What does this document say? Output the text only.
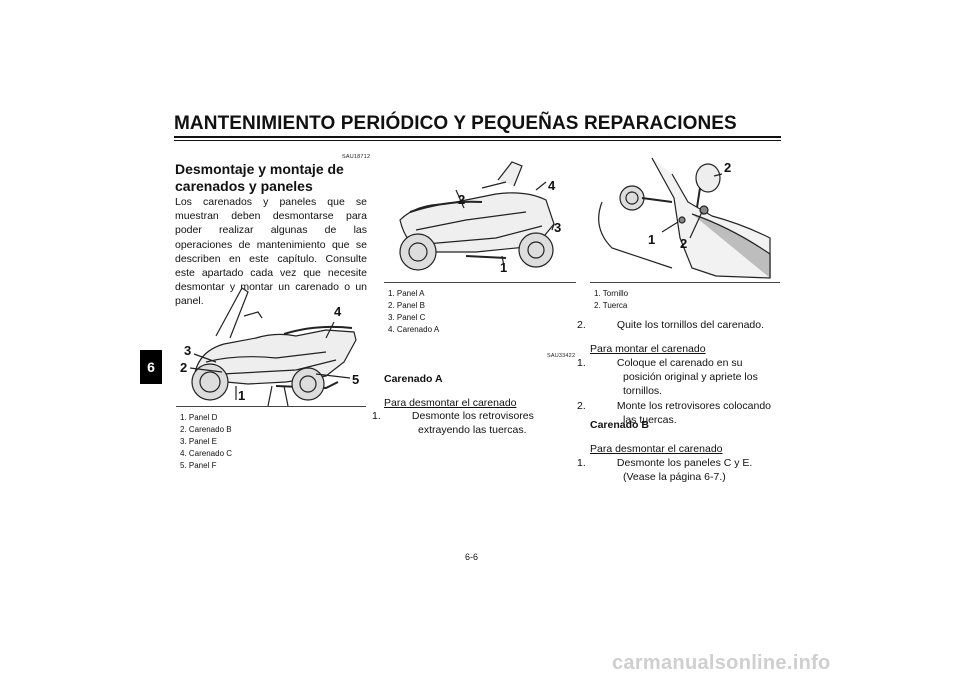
MANTENIMIENTO PERIÓDICO Y PEQUEÑAS REPARACIONES
6
SAU18712
Desmontaje y montaje de carenados y paneles
Los carenados y paneles que se muestran deben desmontarse para poder realizar algunas de las operaciones de mantenimiento que se describen en este capítulo. Consulte este apartado cada vez que necesite desmontar y montar un carenado o un panel.
4
3
2
1
5
1. Panel D
2. Carenado B
3. Panel E
4. Carenado C
5. Panel F
2
4
3
1
1. Panel A
2. Panel B
3. Panel C
4. Carenado A
SAU33422
Carenado A
Para desmontar el carenado
1.	Desmonte los retrovisores extrayendo las tuercas.
2
1 2
1. Tornillo
2. Tuerca
2.	Quite los tornillos del carenado.
Para montar el carenado
1.	Coloque el carenado en su posición original y apriete los tornillos.
2.	Monte los retrovisores colocando las tuercas.
Carenado B
Para desmontar el carenado
1.	Desmonte los paneles C y E. (Vease la página 6-7.)
6-6
carmanualsonline.info
